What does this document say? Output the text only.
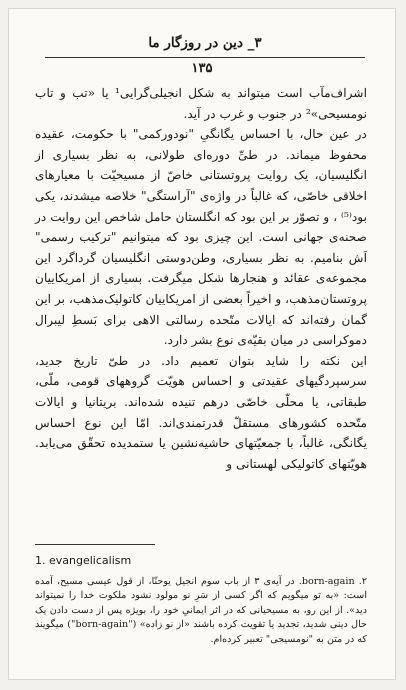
۳_ دین در روزگار ما
۱۳۵

اشراف‌مآب است میتواند به شکل انجیلی‌گرایی¹ یا «تب و تاب نومسیحی»² در جنوب و غرب در آید.

در عین حال، با احساس یگانگیِ "نودورکمی" با حکومت، عقیده محفوظ میماند. در طیِّ دوره‌ای طولانی، به نظر بسیاری از انگلیسیان، یک روایت پروتستانی خاصّ از مسیحیّت با معیارهای اخلاقی خاصّی، که غالباً در واژه‌ی "آراستگی" خلاصه میشدند، یکی بود⁽⁵⁾ ، و تصوّر بر این بود که انگلستان حامل شاخص این روایت در صحنه‌ی جهانی است. این چیزی بود که میتوانیم "ترکیب رسمی" اَش بنامیم. به نظر بسیاری، وطن‌دوستی انگلیسیان گرداگرد این مجموعه‌ی عقائد و هنجارها شکل میگرفت. بسیاری از امریکاییان پروتستان‌مذهب، و اخیراً بعضی از امریکاییان کاتولیک‌مذهب، بر این گمان رفته‌اند که ایالات متّحده رسالتی الاهی برای بَسطِ لیبرال دموکراسی در میان بقیّه‌ی نوع بشر دارد.

این نکته را شاید بتوان تعمیم داد. در طیّ تاریخ جدید، سرسپردگیهای عقیدتی و احساس هویّت گروههای قومی، ملّی، طبقاتی، یا محلّی خاصّی درهم تنیده شده‌اند. بریتانیا و ایالات متّحده کشورهای مستقلّ قدرتمندی‌اند. امّا این نوع احساس یگانگی، غالباً، با جمعیّتهای حاشیه‌نشین یا ستمدیده تحقّق می‌یابد. هویّتهای کاتولیکی لهستانی و

1. evangelicalism
۲. born-again. در آیه‌ی ۳ از باب سوم انجیل یوحنّا، از قول عیسی مسیح، آمده است: «به تو میگویم که اگر کسی از سَرِ نو مولود نشود ملکوت خدا را نمیتواند دید». از این رو، به مسیحیانی که در اثر ایمانیِ خود را، بویژه پس از دست دادن یک حال دینی شدید، تجدید یا تقویت کرده باشند «از نو زاده» ("born-again") میگویند که در متن به "نومسیحی" تعبیر کرده‌ام.
